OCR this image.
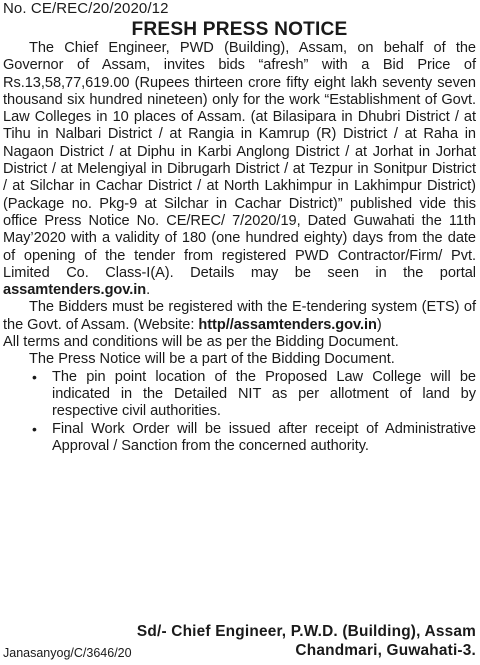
No. CE/REC/20/2020/12

FRESH PRESS NOTICE

The Chief Engineer, PWD (Building), Assam, on behalf of the Governor of Assam, invites bids “afresh” with a Bid Price of Rs.13,58,77,619.00 (Rupees thirteen crore fifty eight lakh seventy seven thousand six hundred nineteen) only for the work “Establishment of Govt. Law Colleges in 10 places of Assam. (at Bilasipara in Dhubri District / at Tihu in Nalbari District / at Rangia in Kamrup (R) District / at Raha in Nagaon District / at Diphu in Karbi Anglong District / at Jorhat in Jorhat District / at Melengiyal in Dibrugarh District / at Tezpur in Sonitpur District / at Silchar in Cachar District / at North Lakhimpur in Lakhimpur District) (Package no. Pkg-9 at Silchar in Cachar District)” published vide this office Press Notice No. CE/REC/ 7/2020/19, Dated Guwahati the 11th May’2020 with a validity of 180 (one hundred eighty) days from the date of opening of the tender from registered PWD Contractor/Firm/ Pvt. Limited Co. Class-I(A). Details may be seen in the portal assamtenders.gov.in.

The Bidders must be registered with the E-tendering system (ETS) of the Govt. of Assam. (Website: http//assamtenders.gov.in)

All terms and conditions will be as per the Bidding Document.

The Press Notice will be a part of the Bidding Document.

• The pin point location of the Proposed Law College will be indicated in the Detailed NIT as per allotment of land by respective civil authorities.
• Final Work Order will be issued after receipt of Administrative Approval / Sanction from the concerned authority.
Sd/- Chief Engineer, P.W.D. (Building), Assam
Janasanyog/C/3646/20	Chandmari, Guwahati-3.
